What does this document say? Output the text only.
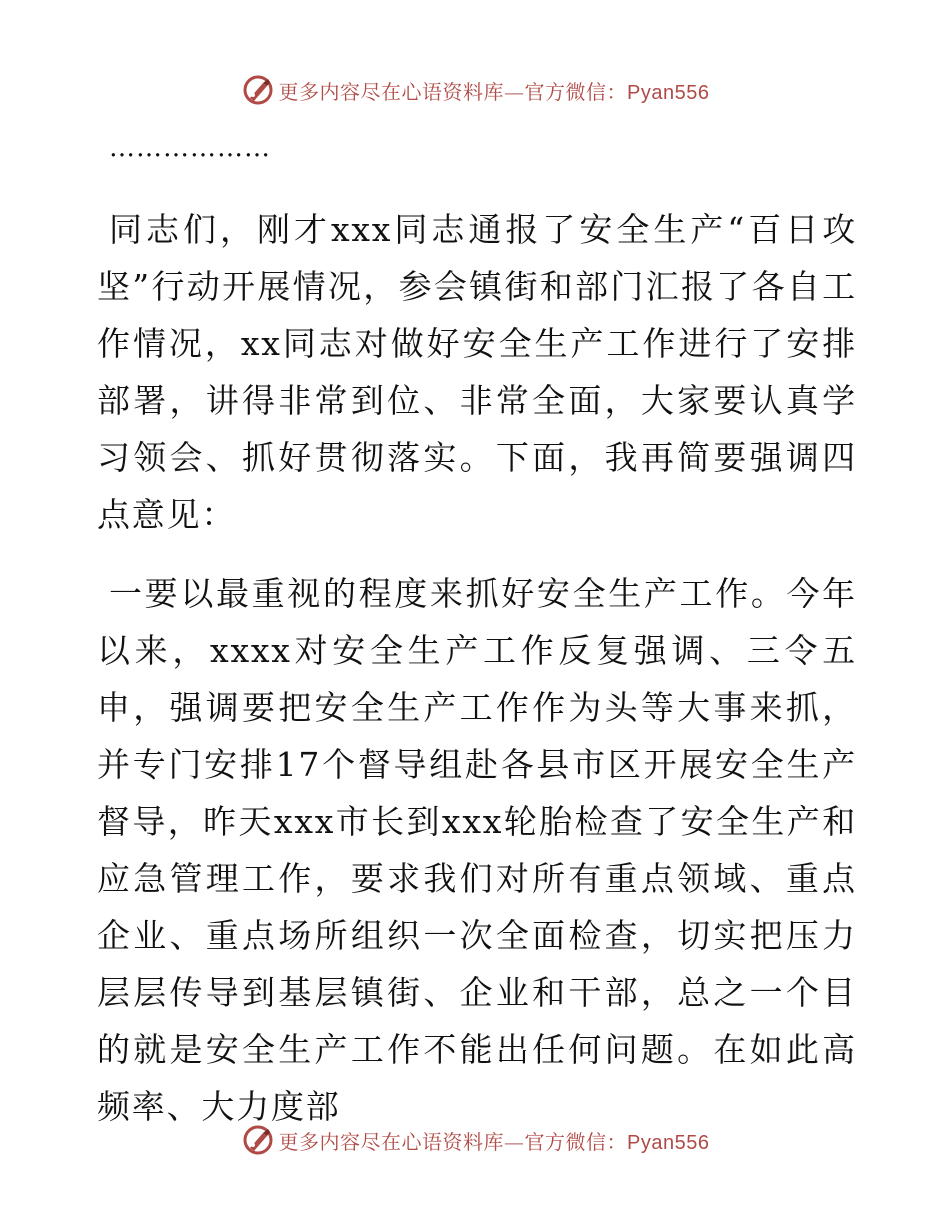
更多内容尽在心语资料库—官方微信：Pyan556
………………

同志们，刚才xxx同志通报了安全生产“百日攻坚”行动开展情况，参会镇街和部门汇报了各自工作情况，xx同志对做好安全生产工作进行了安排部署，讲得非常到位、非常全面，大家要认真学习领会、抓好贯彻落实。下面，我再简要强调四点意见：

一要以最重视的程度来抓好安全生产工作。今年以来，xxxx对安全生产工作反复强调、三令五申，强调要把安全生产工作作为头等大事来抓，并专门安排17个督导组赴各县市区开展安全生产督导，昨天xxx市长到xxx轮胎检查了安全生产和应急管理工作，要求我们对所有重点领域、重点企业、重点场所组织一次全面检查，切实把压力层层传导到基层镇街、企业和干部，总之一个目的就是安全生产工作不能出任何问题。在如此高频率、大力度部

更多内容尽在心语资料库—官方微信：Pyan556
